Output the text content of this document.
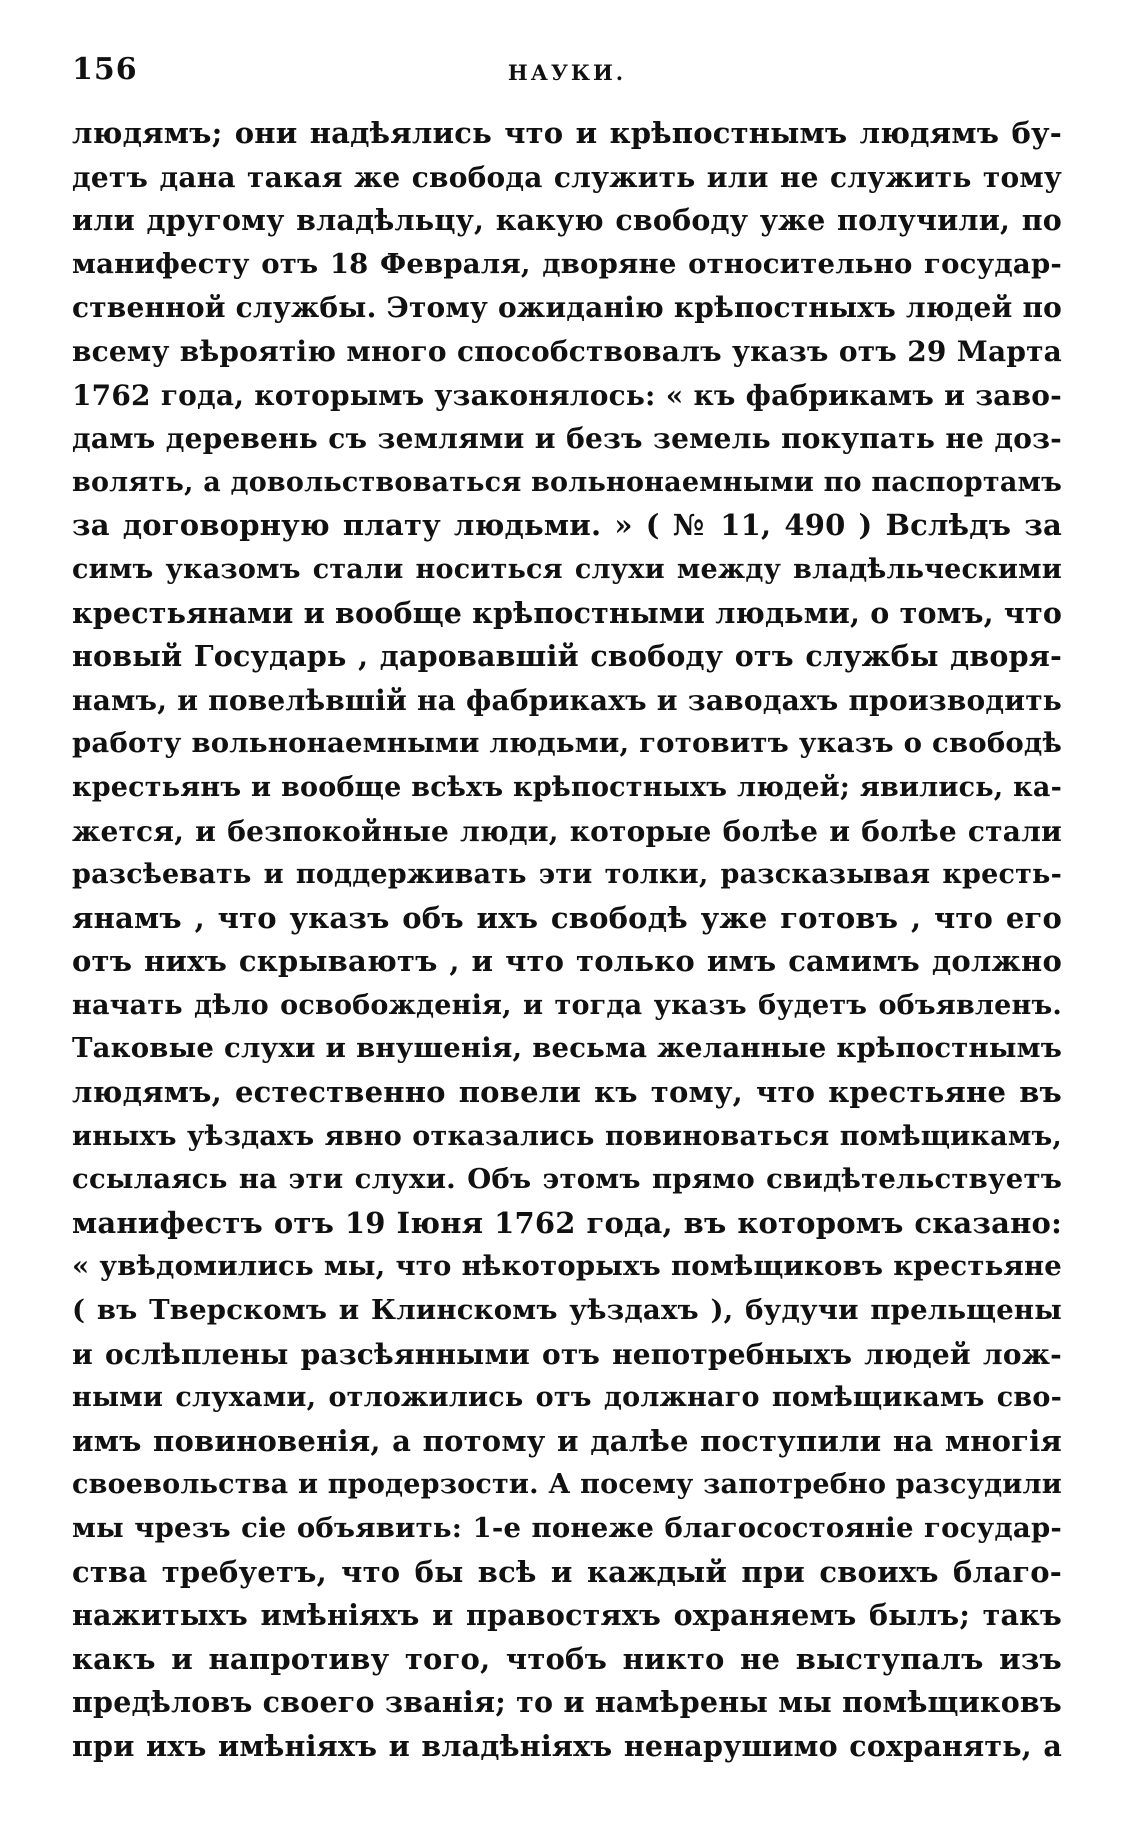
156	НАУКИ.
людямъ; они надѣялись что и крѣпостнымъ людямъ бу-
детъ дана такая же свобода служить или не служить тому
или другому владѣльцу, какую свободу уже получили, по
манифесту отъ 18 Февраля, дворяне относительно государ-
ственной службы. Этому ожиданію крѣпостныхъ людей по
всему вѣроятію много способствовалъ указъ отъ 29 Марта
1762 года, которымъ узаконялось: « къ фабрикамъ и заво-
дамъ деревень съ землями и безъ земель покупать не доз-
волять, а довольствоваться вольнонаемными по паспортамъ
за договорную плату людьми. » ( № 11, 490 ) Вслѣдъ за
симъ указомъ стали носиться слухи между владѣльческими
крестьянами и вообще крѣпостными людьми, о томъ, что
новый Государь , даровавшій свободу отъ службы дворя-
намъ, и повелѣвшій на фабрикахъ и заводахъ производить
работу вольнонаемными людьми, готовитъ указъ о свободѣ
крестьянъ и вообще всѣхъ крѣпостныхъ людей; явились, ка-
жется, и безпокойные люди, которые болѣе и болѣе стали
разсѣевать и поддерживать эти толки, разсказывая кресть-
янамъ , что указъ объ ихъ свободѣ уже готовъ , что его
отъ нихъ скрываютъ , и что только имъ самимъ должно
начать дѣло освобожденія, и тогда указъ будетъ объявленъ.
Таковые слухи и внушенія, весьма желанные крѣпостнымъ
людямъ, естественно повели къ тому, что крестьяне въ
иныхъ уѣздахъ явно отказались повиноваться помѣщикамъ,
ссылаясь на эти слухи. Объ этомъ прямо свидѣтельствуетъ
манифестъ отъ 19 Іюня 1762 года, въ которомъ сказано:
« увѣдомились мы, что нѣкоторыхъ помѣщиковъ крестьяне
( въ Тверскомъ и Клинскомъ уѣздахъ ), будучи прельщены
и ослѣплены разсѣянными отъ непотребныхъ людей лож-
ными слухами, отложились отъ должнаго помѣщикамъ сво-
имъ повиновенія, а потому и далѣе поступили на многія
своевольства и продерзости. А посему запотребно разсудили
мы чрезъ сіе объявить: 1-е понеже благосостояніе государ-
ства требуетъ, что бы всѣ и каждый при своихъ благо-
нажитыхъ имѣніяхъ и правостяхъ охраняемъ былъ; такъ
какъ и напротиву того, чтобъ никто не выступалъ изъ
предѣловъ своего званія; то и намѣрены мы помѣщиковъ
при ихъ имѣніяхъ и владѣніяхъ ненарушимо сохранять, а
